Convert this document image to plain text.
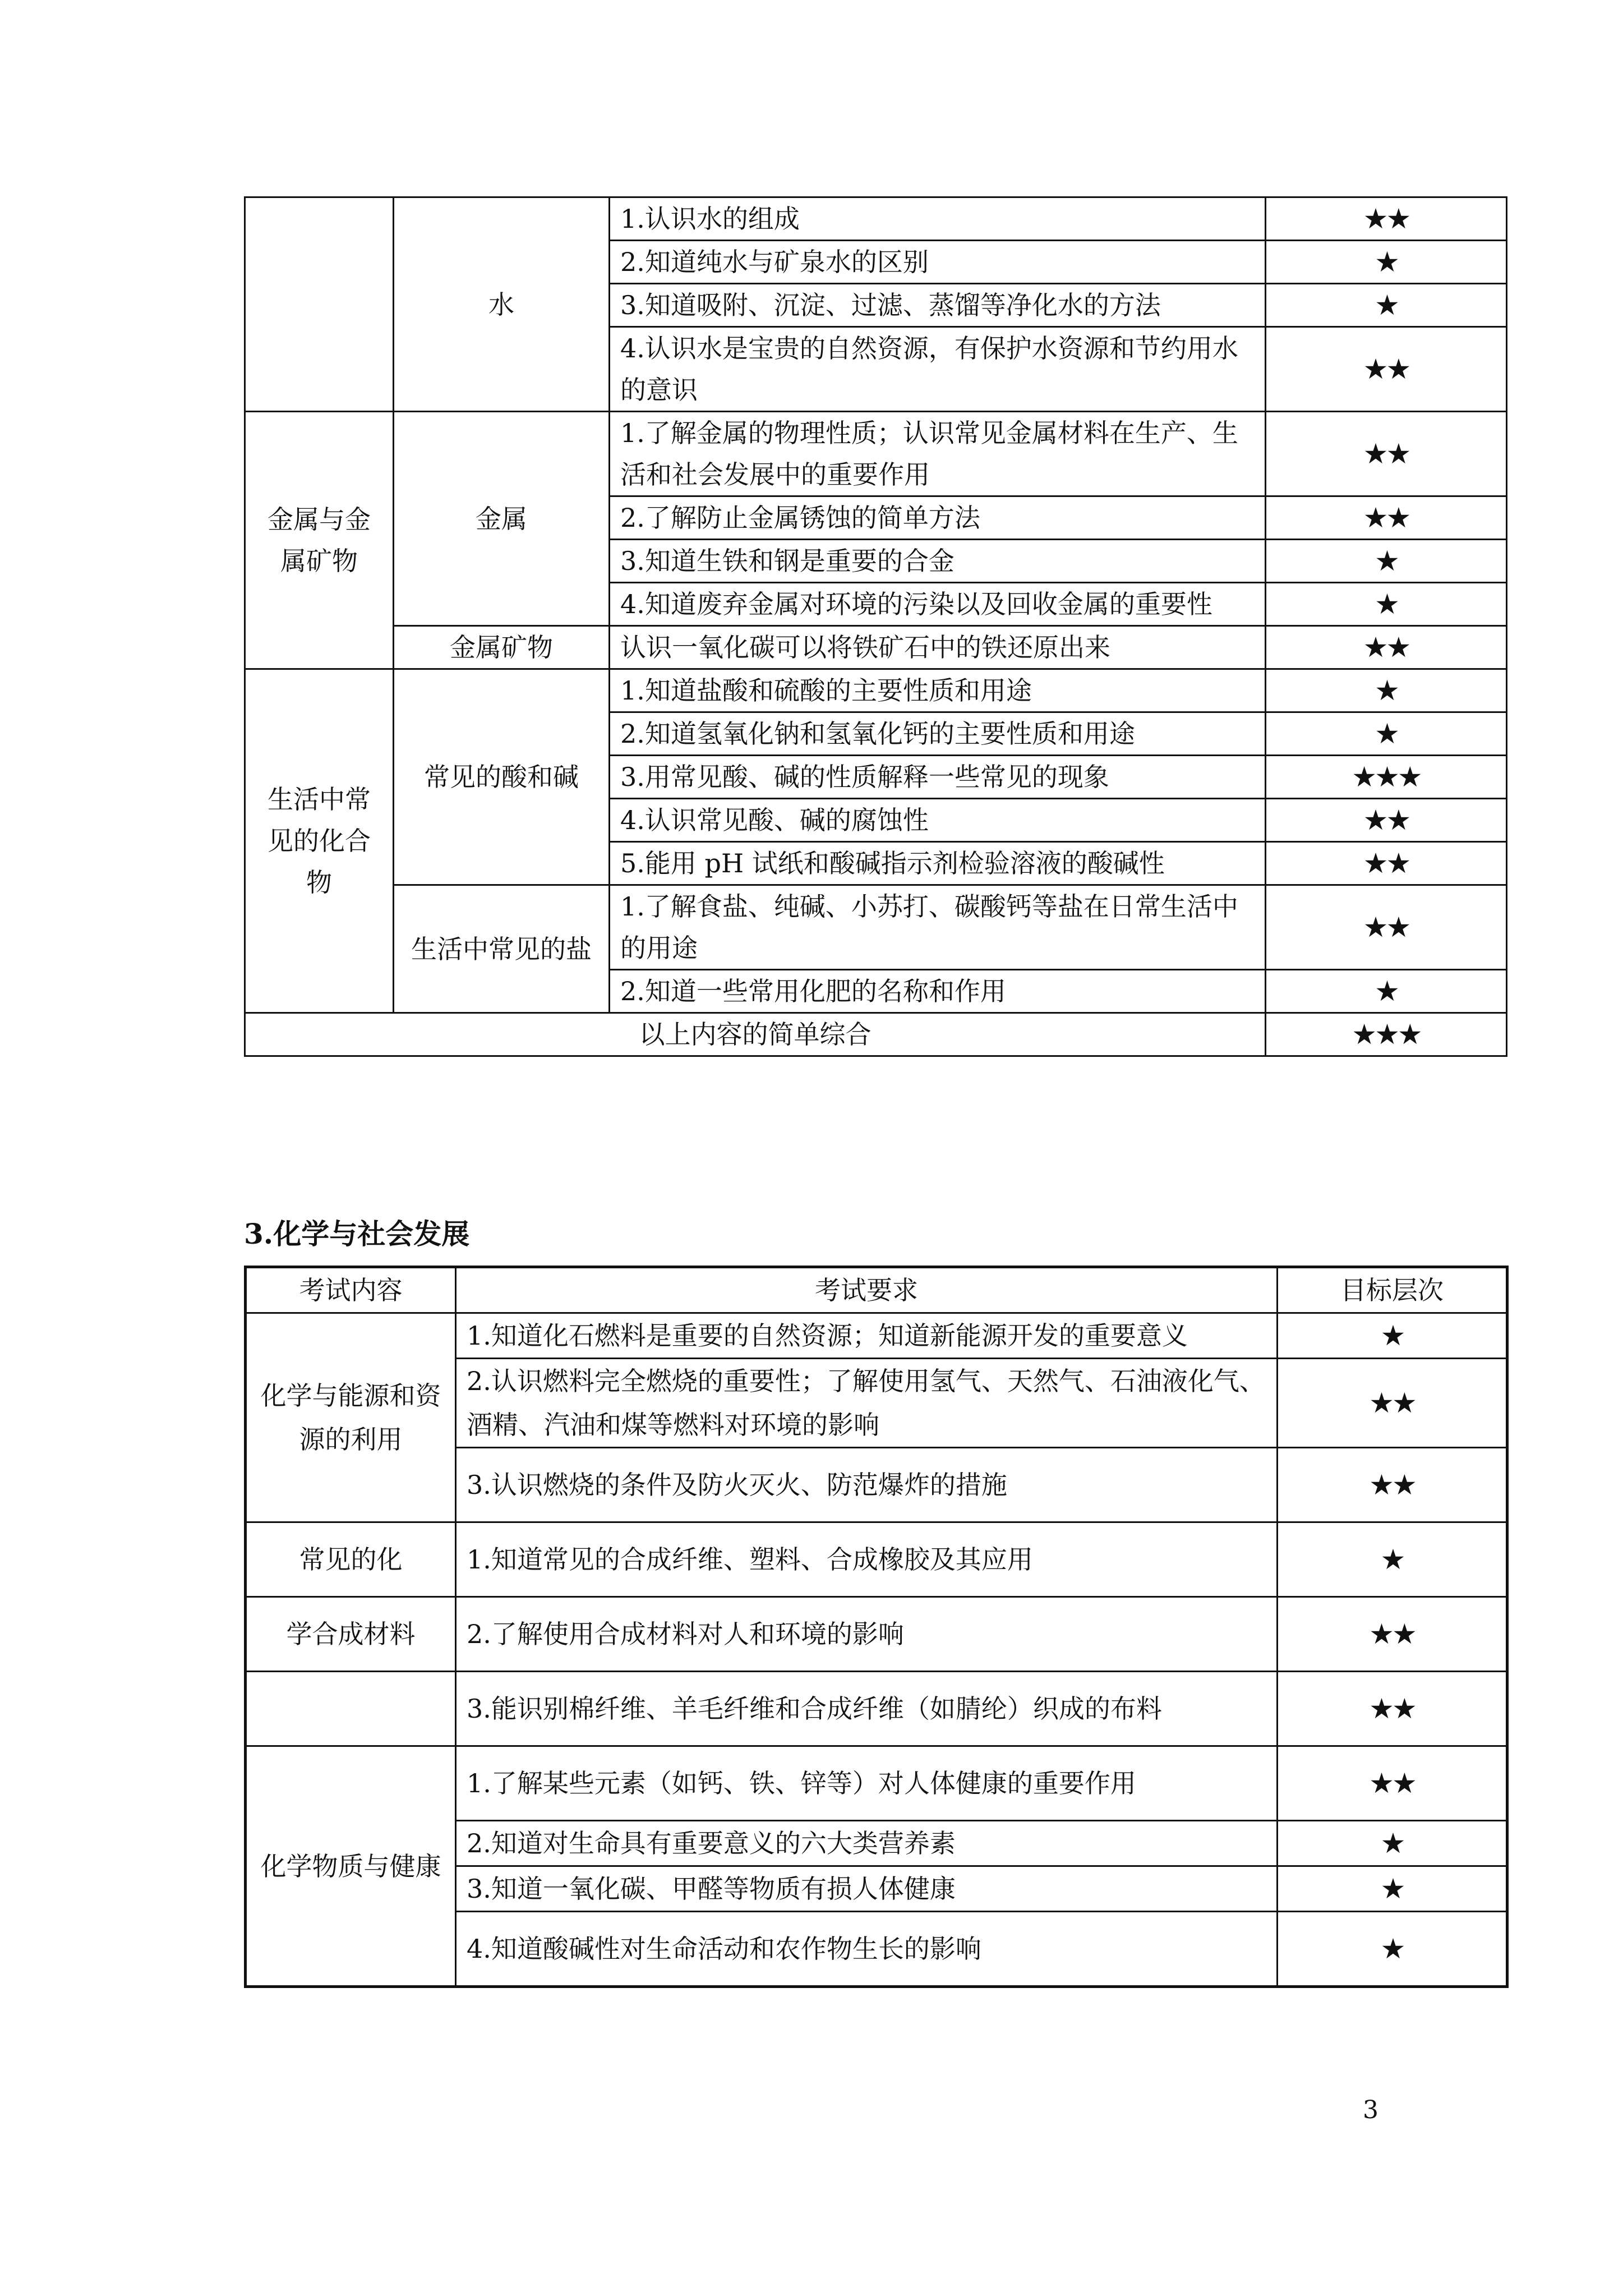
	水	1.认识水的组成	★★
		2.知道纯水与矿泉水的区别	★
		3.知道吸附、沉淀、过滤、蒸馏等净化水的方法	★
		4.认识水是宝贵的自然资源，有保护水资源和节约用水的意识	★★
金属与金属矿物	金属	1.了解金属的物理性质；认识常见金属材料在生产、生活和社会发展中的重要作用	★★
		2.了解防止金属锈蚀的简单方法	★★
		3.知道生铁和钢是重要的合金	★
		4.知道废弃金属对环境的污染以及回收金属的重要性	★
	金属矿物	认识一氧化碳可以将铁矿石中的铁还原出来	★★
生活中常见的化合物	常见的酸和碱	1.知道盐酸和硫酸的主要性质和用途	★
		2.知道氢氧化钠和氢氧化钙的主要性质和用途	★
		3.用常见酸、碱的性质解释一些常见的现象	★★★
		4.认识常见酸、碱的腐蚀性	★★
		5.能用 pH 试纸和酸碱指示剂检验溶液的酸碱性	★★
	生活中常见的盐	1.了解食盐、纯碱、小苏打、碳酸钙等盐在日常生活中的用途	★★
		2.知道一些常用化肥的名称和作用	★
以上内容的简单综合			★★★
3.化学与社会发展
考试内容	考试要求	目标层次
化学与能源和资源的利用	1.知道化石燃料是重要的自然资源；知道新能源开发的重要意义	★
	2.认识燃料完全燃烧的重要性；了解使用氢气、天然气、石油液化气、酒精、汽油和煤等燃料对环境的影响	★★
	3.认识燃烧的条件及防火灭火、防范爆炸的措施	★★
常见的化	1.知道常见的合成纤维、塑料、合成橡胶及其应用	★
学合成材料	2.了解使用合成材料对人和环境的影响	★★
	3.能识别棉纤维、羊毛纤维和合成纤维（如腈纶）织成的布料	★★
化学物质与健康	1.了解某些元素（如钙、铁、锌等）对人体健康的重要作用	★★
	2.知道对生命具有重要意义的六大类营养素	★
	3.知道一氧化碳、甲醛等物质有损人体健康	★
	4.知道酸碱性对生命活动和农作物生长的影响	★
3
